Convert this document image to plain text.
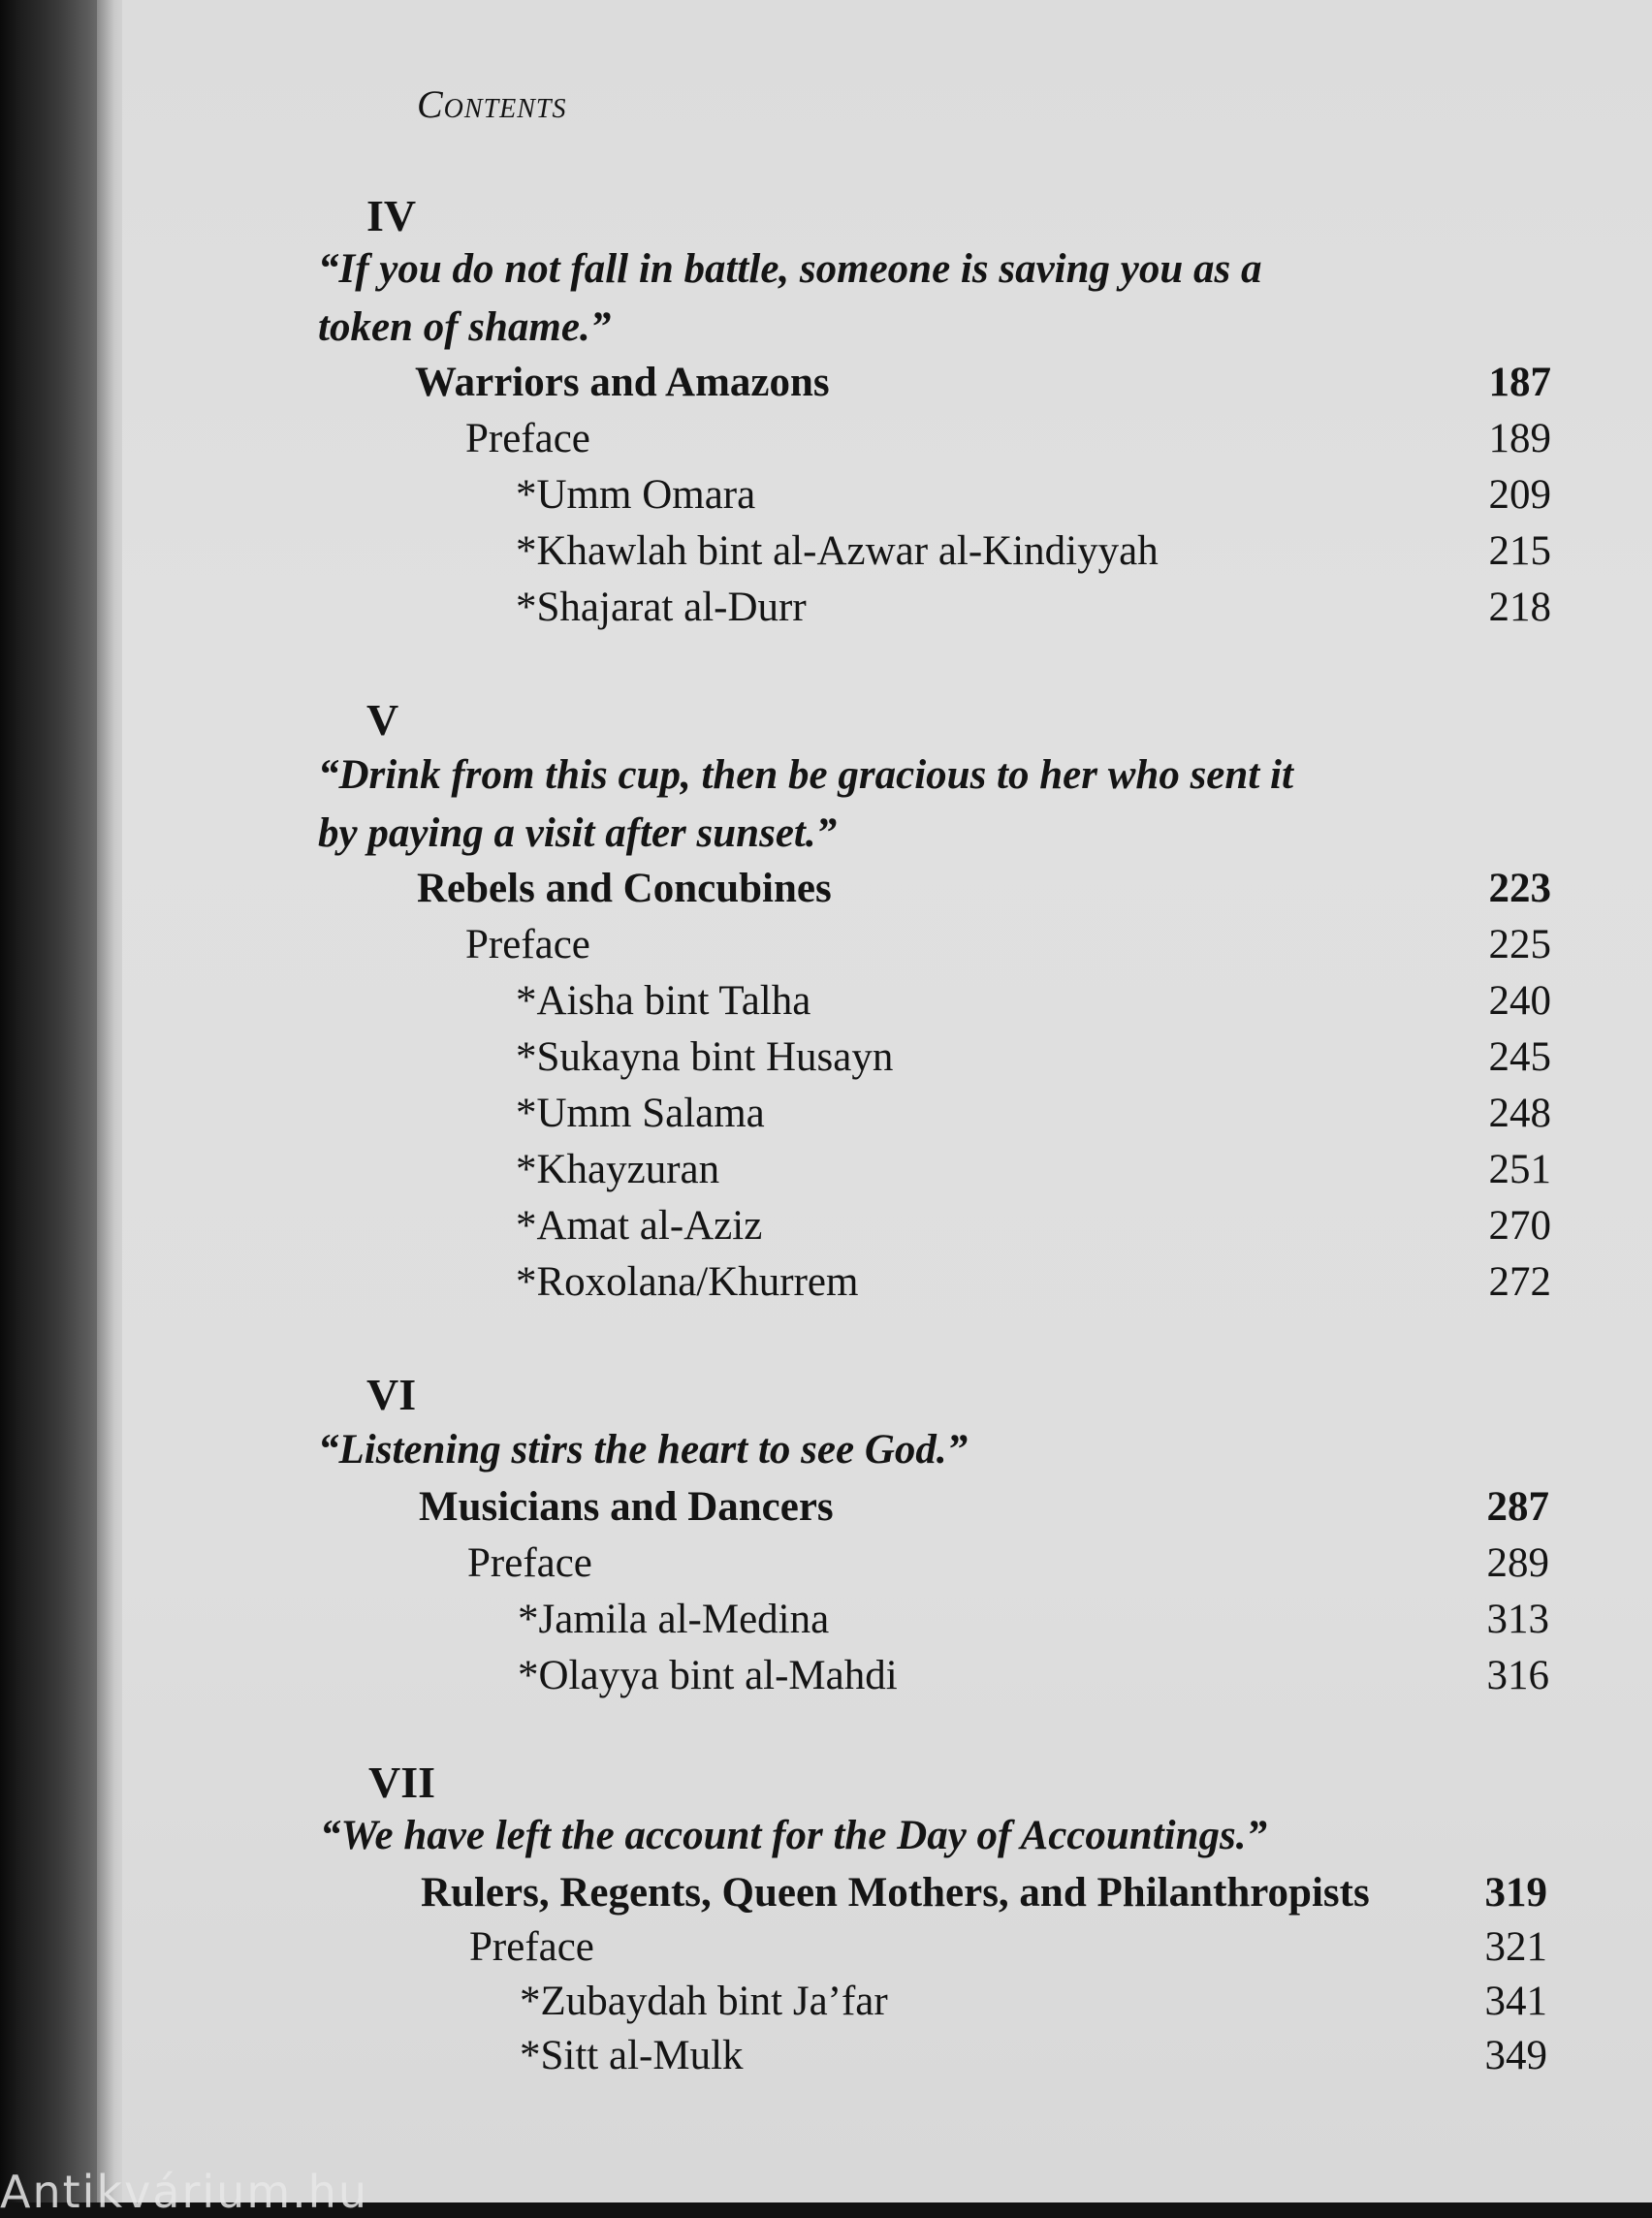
Contents
IV
“If you do not fall in battle, someone is saving you as a
token of shame.”
Warriors and Amazons	187
Preface	189
*Umm Omara	209
*Khawlah bint al-Azwar al-Kindiyyah	215
*Shajarat al-Durr	218
V
“Drink from this cup, then be gracious to her who sent it
by paying a visit after sunset.”
Rebels and Concubines	223
Preface	225
*Aisha bint Talha	240
*Sukayna bint Husayn	245
*Umm Salama	248
*Khayzuran	251
*Amat al-Aziz	270
*Roxolana/Khurrem	272
VI
“Listening stirs the heart to see God.”
Musicians and Dancers	287
Preface	289
*Jamila al-Medina	313
*Olayya bint al-Mahdi	316
VII
“We have left the account for the Day of Accountings.”
Rulers, Regents, Queen Mothers, and Philanthropists	319
Preface	321
*Zubaydah bint Ja’far	341
*Sitt al-Mulk	349
Antikvárium.hu
